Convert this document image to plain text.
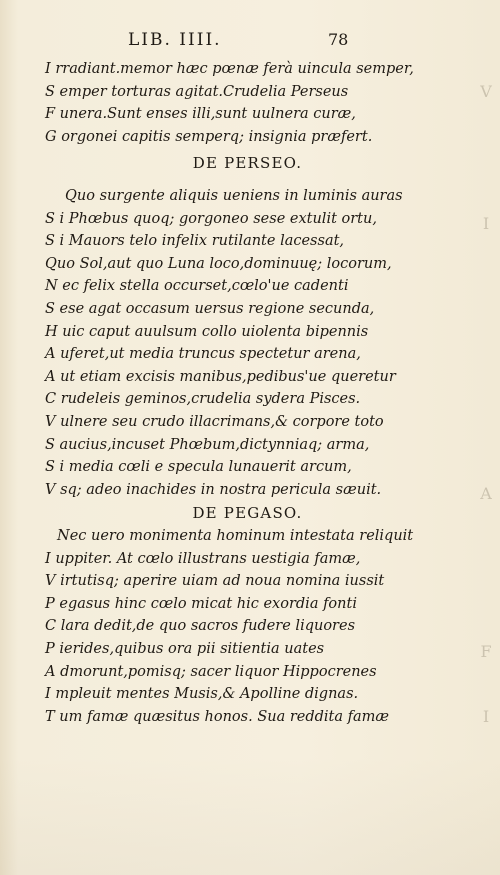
LIB. IIII.	78
V
I
A
F
I
I rradiant.memor hæc pœnæ ferà uincula semper,
S emper torturas agitat.Crudelia Perseus
F unera.Sunt enses illi,sunt uulnera curæ,
G orgonei capitis semperq; insignia præfert.
DE PERSEO.
Quo surgente aliquis ueniens in luminis auras
S i Phœbus quoq; gorgoneo sese extulit ortu,
S i Mauors telo infelix rutilante lacessat,
Quo Sol,aut quo Luna loco,dominuuę; locorum,
N ec felix stella occurset,cœlo'ue cadenti
S ese agat occasum uersus regione secunda,
H uic caput auulsum collo uiolenta bipennis
A uferet,ut media truncus spectetur arena,
A ut etiam excisis manibus,pedibus'ue queretur
C rudeleis geminos,crudelia sydera Pisces.
V ulnere seu crudo illacrimans,& corpore toto
S aucius,incuset Phœbum,dictynniaq; arma,
S i media cœli e specula lunauerit arcum,
V sq; adeo inachides in nostra pericula sæuit.
DE PEGASO.
Nec uero monimenta hominum intestata reliquit
I uppiter. At cœlo illustrans uestigia famæ,
V irtutisq; aperire uiam ad noua nomina iussit
P egasus hinc cœlo micat hic exordia fonti
C lara dedit,de quo sacros fudere liquores
P ierides,quibus ora pii sitientia uates
A dmorunt,pomisq; sacer liquor Hippocrenes
I mpleuit mentes Musis,& Apolline dignas.
T um famæ quæsitus honos. Sua reddita famæ
